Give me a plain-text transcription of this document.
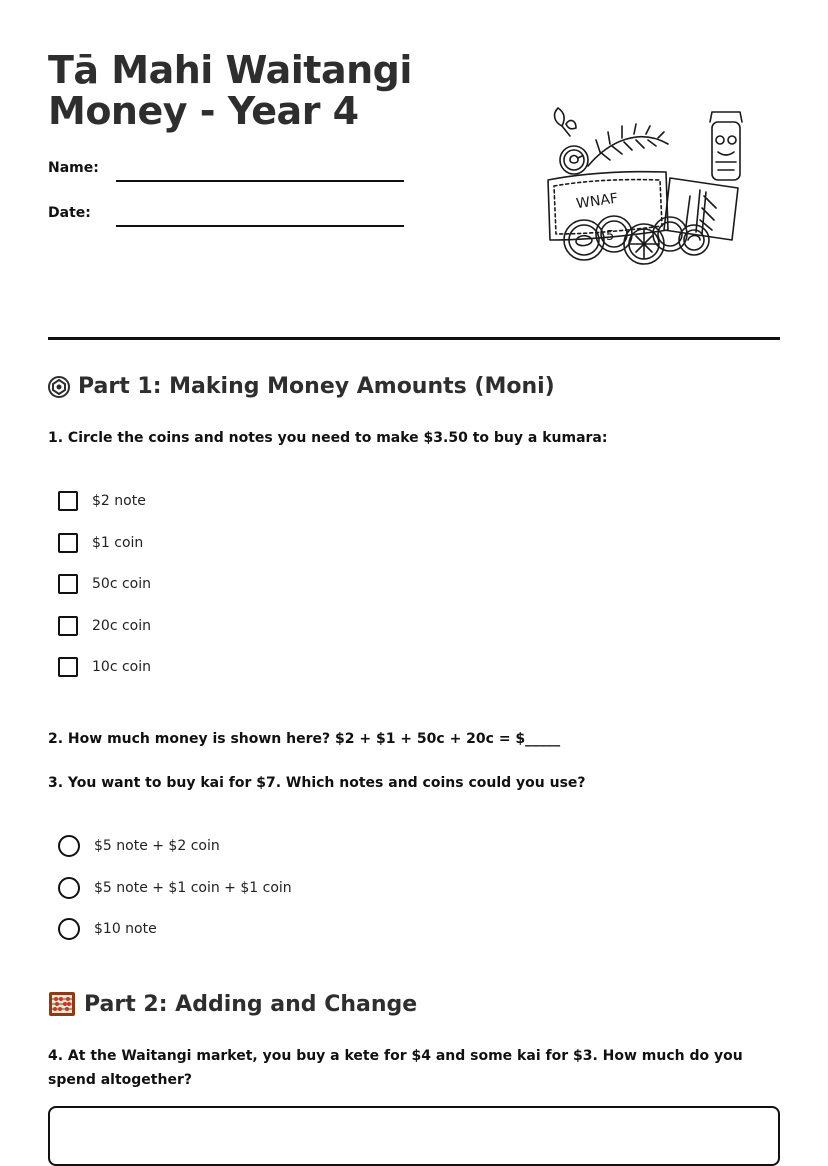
Tā Mahi Waitangi
Money - Year 4
Name:
Date:
WNAF
5
Part 1: Making Money Amounts (Moni)
1. Circle the coins and notes you need to make $3.50 to buy a kumara:
$2 note
$1 coin
50c coin
20c coin
10c coin
2. How much money is shown here? $2 + $1 + 50c + 20c = $_____
3. You want to buy kai for $7. Which notes and coins could you use?
$5 note + $2 coin
$5 note + $1 coin + $1 coin
$10 note
Part 2: Adding and Change
4. At the Waitangi market, you buy a kete for $4 and some kai for $3. How much do you spend altogether?
